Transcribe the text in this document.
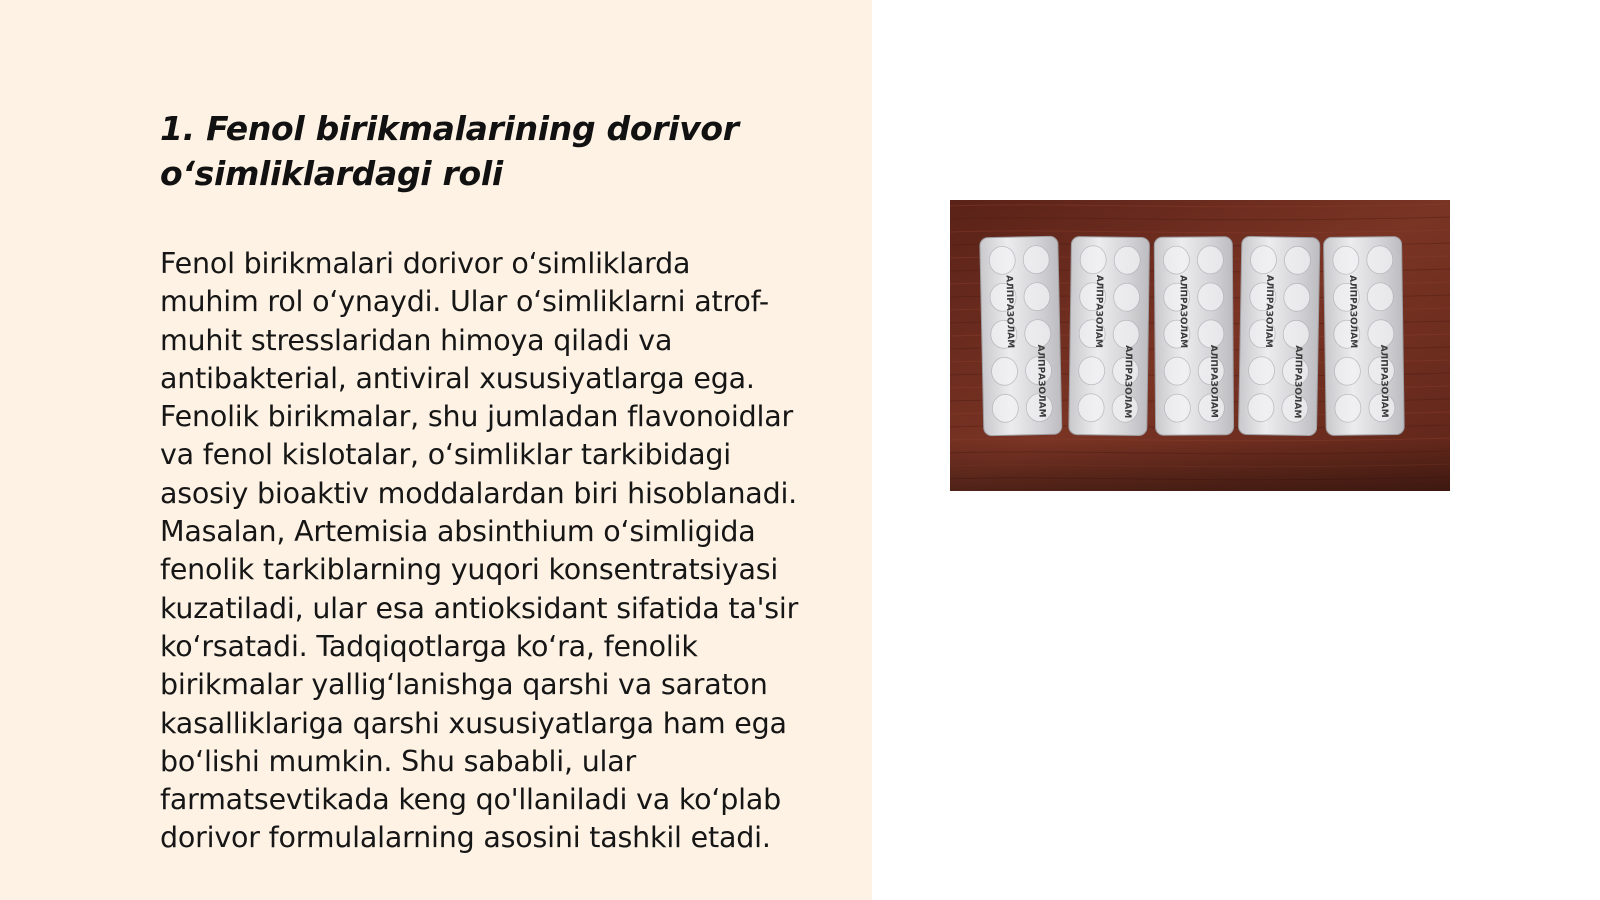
1. Fenol birikmalarining dorivor
o‘simliklardagi roli

Fenol birikmalari dorivor o‘simliklarda
muhim rol o‘ynaydi. Ular o‘simliklarni atrof-
muhit stresslaridan himoya qiladi va
antibakterial, antiviral xususiyatlarga ega.
Fenolik birikmalar, shu jumladan flavonoidlar
va fenol kislotalar, o‘simliklar tarkibidagi
asosiy bioaktiv moddalardan biri hisoblanadi.
Masalan, Artemisia absinthium o‘simligida
fenolik tarkiblarning yuqori konsentratsiyasi
kuzatiladi, ular esa antioksidant sifatida ta'sir
ko‘rsatadi. Tadqiqotlarga ko‘ra, fenolik
birikmalar yallig‘lanishga qarshi va saraton
kasalliklariga qarshi xususiyatlarga ham ega
bo‘lishi mumkin. Shu sababli, ular
farmatsevtikada keng qo'llaniladi va ko‘plab
dorivor formulalarning asosini tashkil etadi.

АЛПРАЗОЛАМ
АЛПРАЗОЛАМ
АЛПРАЗОЛАМ
АЛПРАЗОЛАМ
АЛПРАЗОЛАМ
АЛПРАЗОЛАМ
АЛПРАЗОЛАМ
АЛПРАЗОЛАМ
АЛПРАЗОЛАМ
АЛПРАЗОЛАМ
